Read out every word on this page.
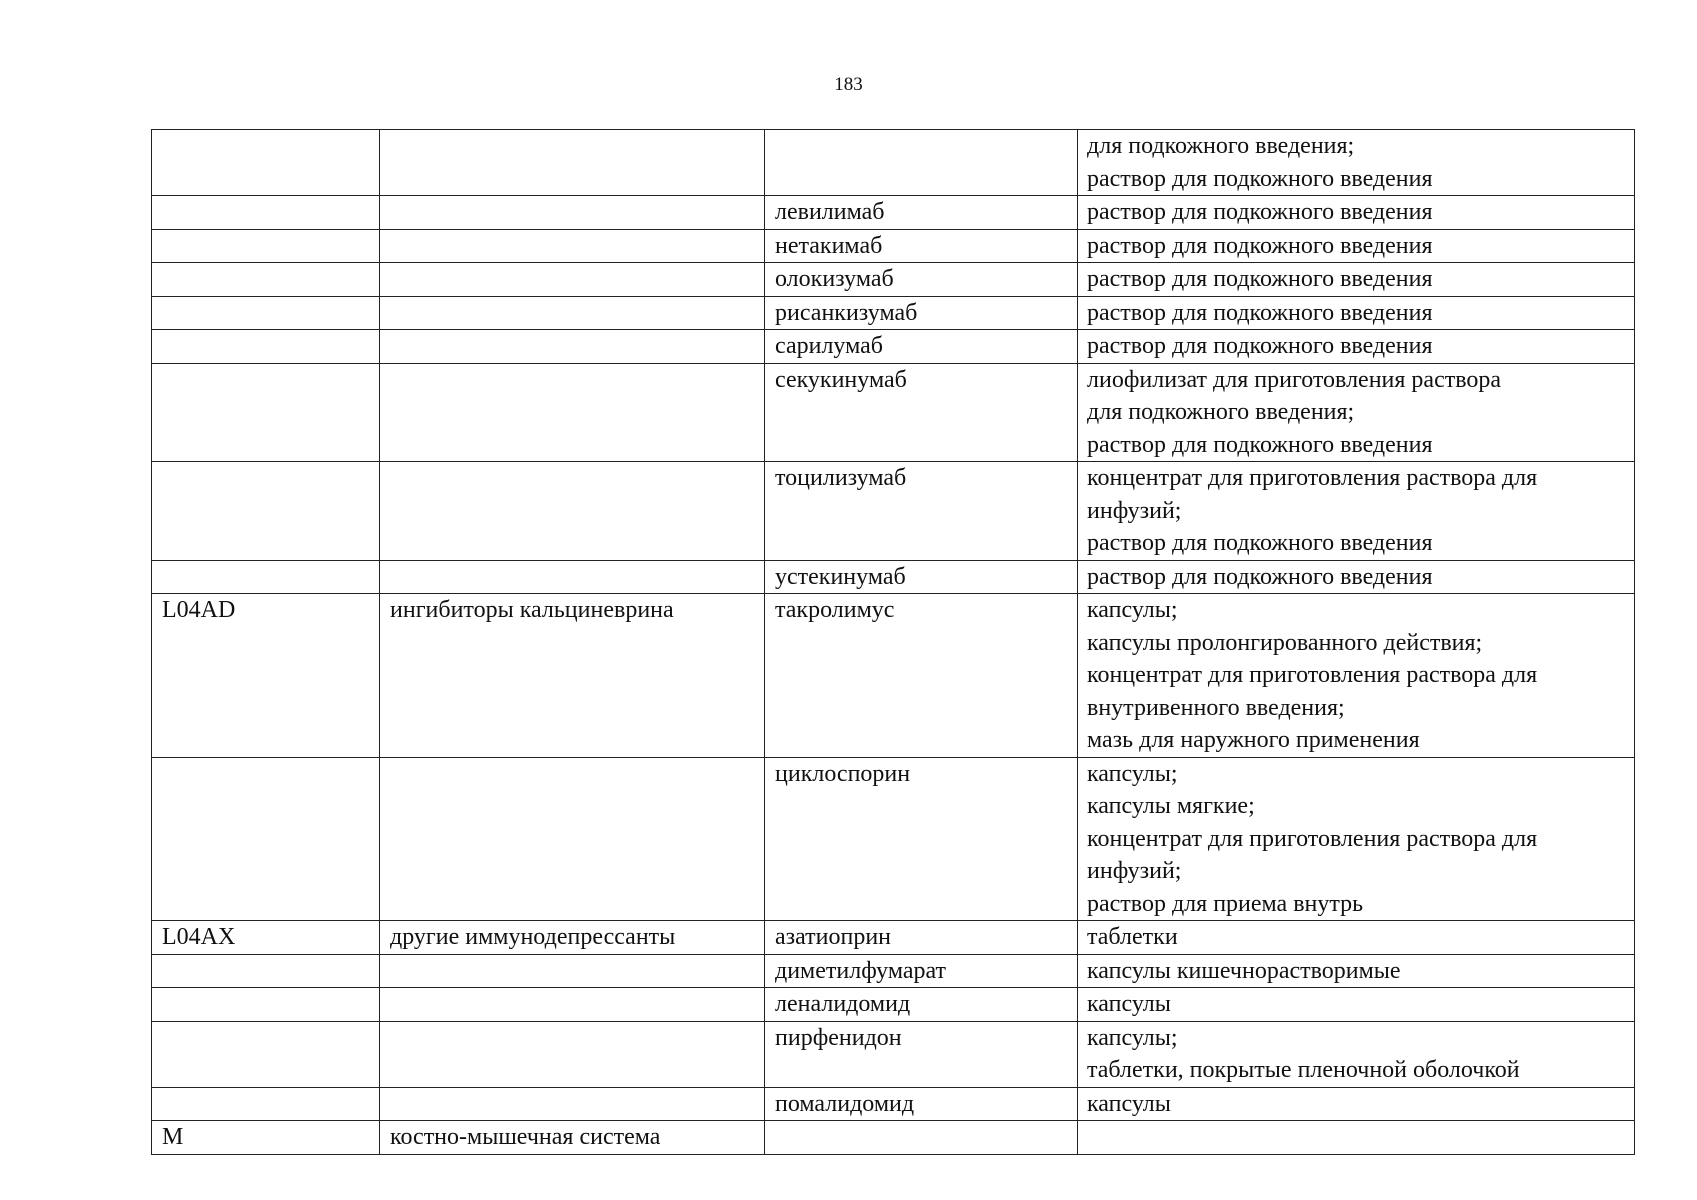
183

			для подкожного введения;
раствор для подкожного введения

		левилимаб	раствор для подкожного введения

		нетакимаб	раствор для подкожного введения

		олокизумаб	раствор для подкожного введения

		рисанкизумаб	раствор для подкожного введения

		сарилумаб	раствор для подкожного введения

		секукинумаб	лиофилизат для приготовления раствора
для подкожного введения;
раствор для подкожного введения

		тоцилизумаб	концентрат для приготовления раствора для
инфузий;
раствор для подкожного введения

		устекинумаб	раствор для подкожного введения

L04AD	ингибиторы кальциневрина	такролимус	капсулы;
капсулы пролонгированного действия;
концентрат для приготовления раствора для
внутривенного введения;
мазь для наружного применения

		циклоспорин	капсулы;
капсулы мягкие;
концентрат для приготовления раствора для
инфузий;
раствор для приема внутрь

L04AX	другие иммунодепрессанты	азатиоприн	таблетки

		диметилфумарат	капсулы кишечнорастворимые

		леналидомид	капсулы

		пирфенидон	капсулы;
таблетки, покрытые пленочной оболочкой

		помалидомид	капсулы

M	костно-мышечная система		
